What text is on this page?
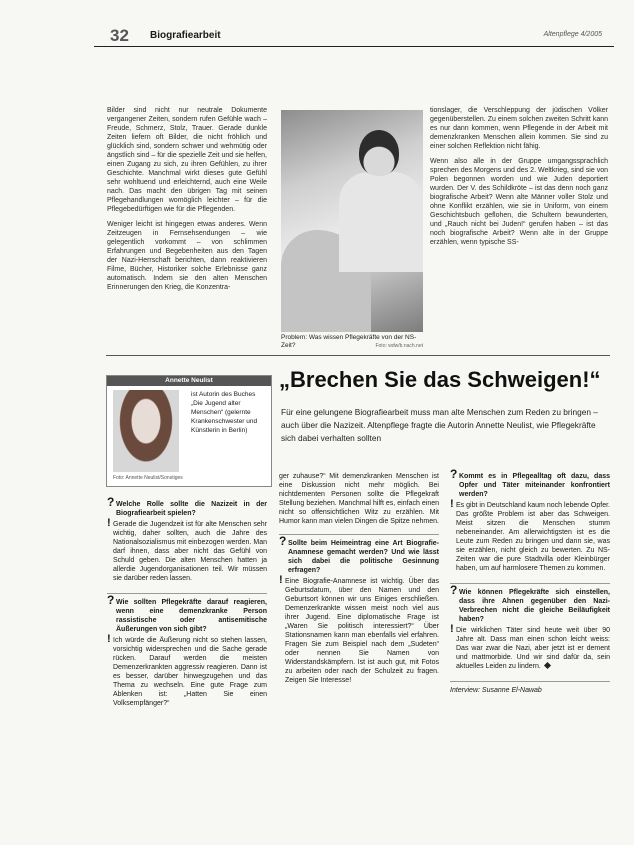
32 Biografiearbeit	Altenpflege 4/2005

Bilder sind nicht nur neutrale Dokumente vergangener Zeiten, sondern rufen Gefühle wach – Freude, Schmerz, Stolz, Trauer. Gerade dunkle Zeiten liefern oft Bilder, die nicht fröhlich und glücklich sind, sondern schwer und wehmütig oder ängstlich sind – für die spezielle Zeit und sie helfen, einen Zugang zu sich, zu ihren Gefühlen, zu ihrer Geschichte. Manchmal wirkt dieses gute Gefühl sehr wohltuend und erleichternd, auch eine Weile nach. Das macht den übrigen Tag mit seinen Pflegehandlungen womöglich leichter – für die Pflegebedürftigen wie für die Pflegenden.

Weniger leicht ist hingegen etwas anderes. Wenn Zeitzeugen in Fernsehsendungen – wie gelegentlich vorkommt – von schlimmen Erfahrungen und Begebenheiten aus den Tagen der Nazi-Herrschaft berichten, dann reaktivieren Filme, Bücher, Historiker solche Erlebnisse ganz automatisch. Indem sie den alten Menschen Erinnerungen den Krieg, die Konzentra-

Problem: Was wissen Pflegekräfte von der NS-Zeit?	Foto: wdw/b.nach.net

tionslager, die Verschleppung der jüdischen Völker gegenüberstellen. Zu einem solchen zweiten Schritt kann es nur dann kommen, wenn Pflegende in der Arbeit mit demenzkranken Menschen allein kommen. Sie sind zu einer solchen Reflektion nicht fähig.

Wenn also alle in der Gruppe umgangssprachlich sprechen des Morgens und des 2. Weltkrieg, sind sie von Polen begonnen worden und wie Juden deportiert wurden. Der V. des Schildkröte – ist das denn noch ganz biografische Arbeit? Wenn alte Männer voller Stolz und ohne Konflikt erzählen, wie sie in Uniform, von einem Geschichtsbuch geflohen, die Schultern bewunderten, und „Rauch nicht bei Juden!“ gerufen haben – ist das noch biografische Arbeit? Wenn alte in der Gruppe erzählen, wenn typische SS-

Annette Neulist
ist Autorin des Buches „Die Jugend alter Menschen“ (gelernte Krankenschwester und Künstlerin in Berlin)
Foto: Annette Neulist/Sonstiges
„Brechen Sie das Schweigen!“
Für eine gelungene Biografiearbeit muss man alte Menschen zum Reden zu bringen – auch über die Nazizeit. Altenpflege fragte die Autorin Annette Neulist, wie Pflegekräfte sich dabei verhalten sollten

? Welche Rolle sollte die Nazizeit in der Biografiearbeit spielen?

! Gerade die Jugendzeit ist für alte Menschen sehr wichtig, daher sollten, auch die Jahre des Nationalsozialismus mit einbezogen werden. Man darf ihnen, dass aber nicht das Gefühl von Schuld geben. Die alten Menschen hatten ja allerdie Jugendorganisationen teil. Wir müssen sie darüber reden lassen.

? Wie sollten Pflegekräfte darauf reagieren, wenn eine demenzkranke Person rassistische oder antisemitische Äußerungen von sich gibt?

! Ich würde die Äußerung nicht so stehen lassen, vorsichtig widersprechen und die Sache gerade rücken. Darauf werden die meisten Demenzerkrankten aggressiv reagieren. Dann ist es besser, darüber hinwegzugehen und das Thema zu wechseln. Eine gute Frage zum Ablenken ist: „Hatten Sie einen Volksempfänger?“

ger zuhause?“ Mit demenzkranken Menschen ist eine Diskussion nicht mehr möglich. Bei nichtdementen Personen sollte die Pflegekraft Stellung beziehen. Manchmal hilft es, einfach einen nicht so offensichtlichen Witz zu erzählen. Mit Humor kann man vielen Dingen die Spitze nehmen.

? Sollte beim Heimeintrag eine Art Biografie-Anamnese gemacht werden? Und wie lässt sich dabei die politische Gesinnung erfragen?

! Eine Biografie-Anamnese ist wichtig. Über das Geburtsdatum, über den Namen und den Geburtsort können wir uns Einiges erschließen. Demenzerkrankte wissen meist noch viel aus ihrer Jugend. Eine diplomatische Frage ist „Waren Sie politisch interessiert?“ Über Stationsnamen kann man ebenfalls viel erfahren. Fragen Sie zum Beispiel nach dem „Sudeten“ oder nennen Sie Namen von Widerstandskämpfern. Ist ist auch gut, mit Fotos zu arbeiten oder nach der Schulzeit zu fragen. Zeigen Sie Interesse!

? Kommt es in Pflegealltag oft dazu, dass Opfer und Täter miteinander konfrontiert werden?

! Es gibt in Deutschland kaum noch lebende Opfer. Das größte Problem ist aber das Schweigen. Meist sitzen die Menschen stumm nebeneinander. Am allerwichtigsten ist es die Leute zum Reden zu bringen und dann sie, was sie erzählen, nicht gleich zu bewerten. Zu NS-Zeiten war die pure Stadtvilla oder Kleinbürger haben, um auf harmlosere Themen zu kommen.

? Wie können Pflegekräfte sich einstellen, dass ihre Ahnen gegenüber den Nazi-Verbrechen nicht die gleiche Beiläufigkeit haben?

! Die wirklichen Täter sind heute weit über 90 Jahre alt. Dass man einen schon leicht weiss: Das war zwar die Nazi, aber jetzt ist er dement und mattmorbide. Und wir sind dafür da, sein aktuelles Leiden zu lindern.

Interview: Susanne El-Nawab
